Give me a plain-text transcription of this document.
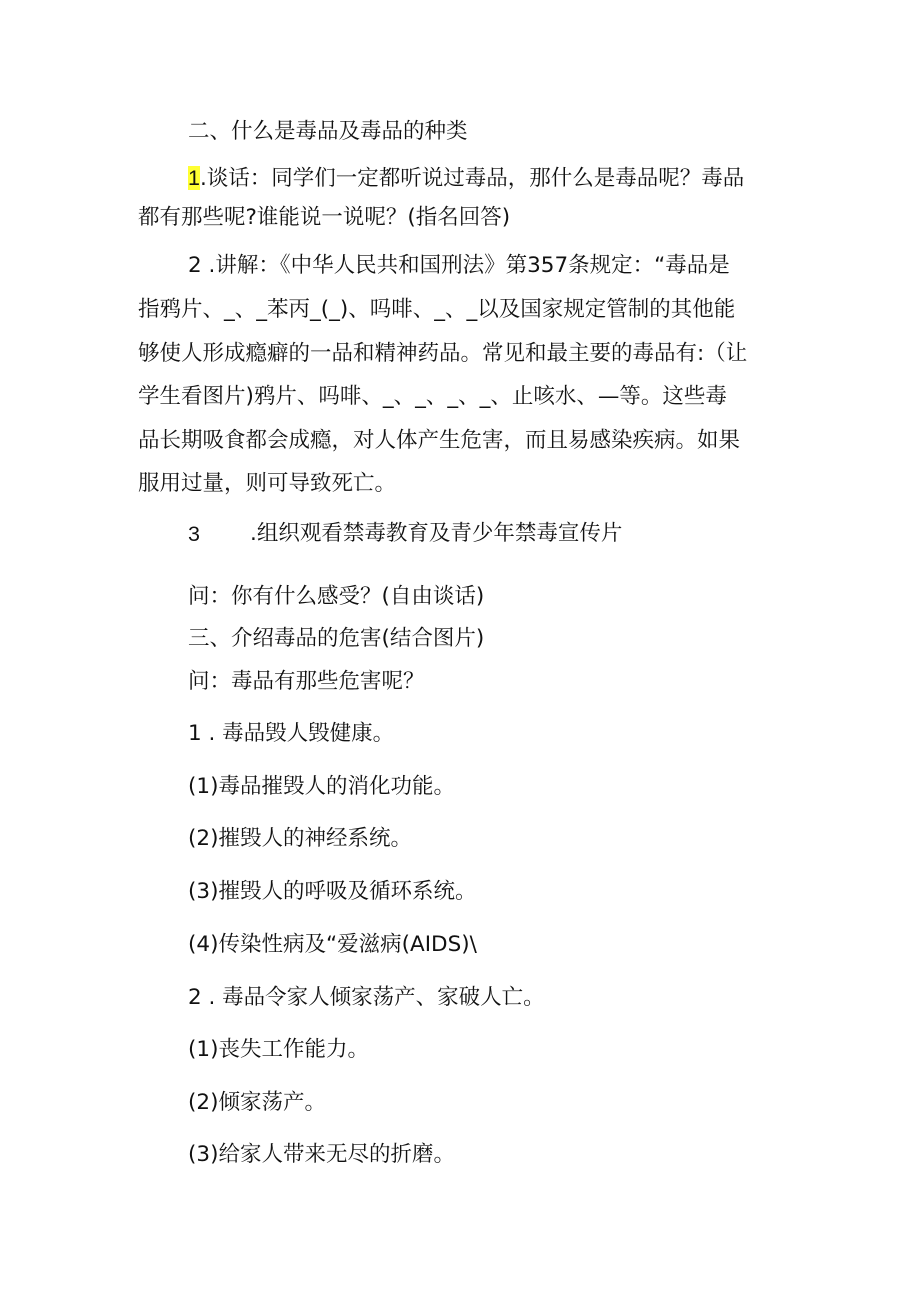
二、什么是毒品及毒品的种类
1.谈话：同学们一定都听说过毒品，那什么是毒品呢？毒品
都有那些呢?谁能说一说呢？(指名回答)
2 .讲解：《中华人民共和国刑法》第357条规定：“毒品是
指鸦片、_、_苯丙_(_)、吗啡、_、_以及国家规定管制的其他能
够使人形成瘾癖的一品和精神药品。常见和最主要的毒品有:（让
学生看图片)鸦片、吗啡、_、_、_、_、止咳水、—等。这些毒
品长期吸食都会成瘾，对人体产生危害，而且易感染疾病。如果
服用过量，则可导致死亡。
3 .组织观看禁毒教育及青少年禁毒宣传片
问：你有什么感受？(自由谈话)
三、介绍毒品的危害(结合图片)
问：毒品有那些危害呢？
1 . 毒品毁人毁健康。
(1)毒品摧毁人的消化功能。
(2)摧毁人的神经系统。
(3)摧毁人的呼吸及循环系统。
(4)传染性病及“爱滋病(AIDS)\
2 . 毒品令家人倾家荡产、家破人亡。
(1)丧失工作能力。
(2)倾家荡产。
(3)给家人带来无尽的折磨。
